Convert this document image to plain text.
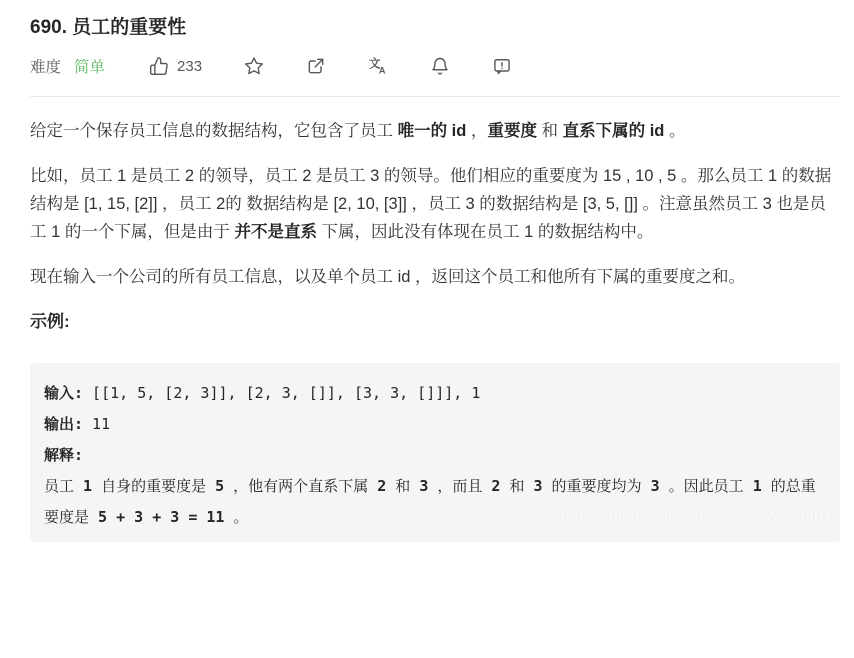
690. 员工的重要性
难度 简单	233	文
A

给定一个保存员工信息的数据结构，它包含了员工 唯一的 id ，重要度 和 直系下属的 id 。

比如，员工 1 是员工 2 的领导，员工 2 是员工 3 的领导。他们相应的重要度为 15 , 10 , 5 。那么员工 1 的数据结构是 [1, 15, [2]] ，员工 2的 数据结构是 [2, 10, [3]] ，员工 3 的数据结构是 [3, 5, []] 。注意虽然员工 3 也是员工 1 的一个下属，但是由于 并不是直系 下属，因此没有体现在员工 1 的数据结构中。

现在输入一个公司的所有员工信息，以及单个员工 id ，返回这个员工和他所有下属的重要度之和。

示例:

输入: [[1, 5, [2, 3]], [2, 3, []], [3, 3, []]], 1
输出: 11
解释:
员工 1 自身的重要度是 5 ，他有两个直系下属 2 和 3 ，而且 2 和 3 的重要度均为 3 。因此员工 1 的总重要度是 5 + 3 + 3 = 11 。	https://blog.csdn.net/weixin_52344401
